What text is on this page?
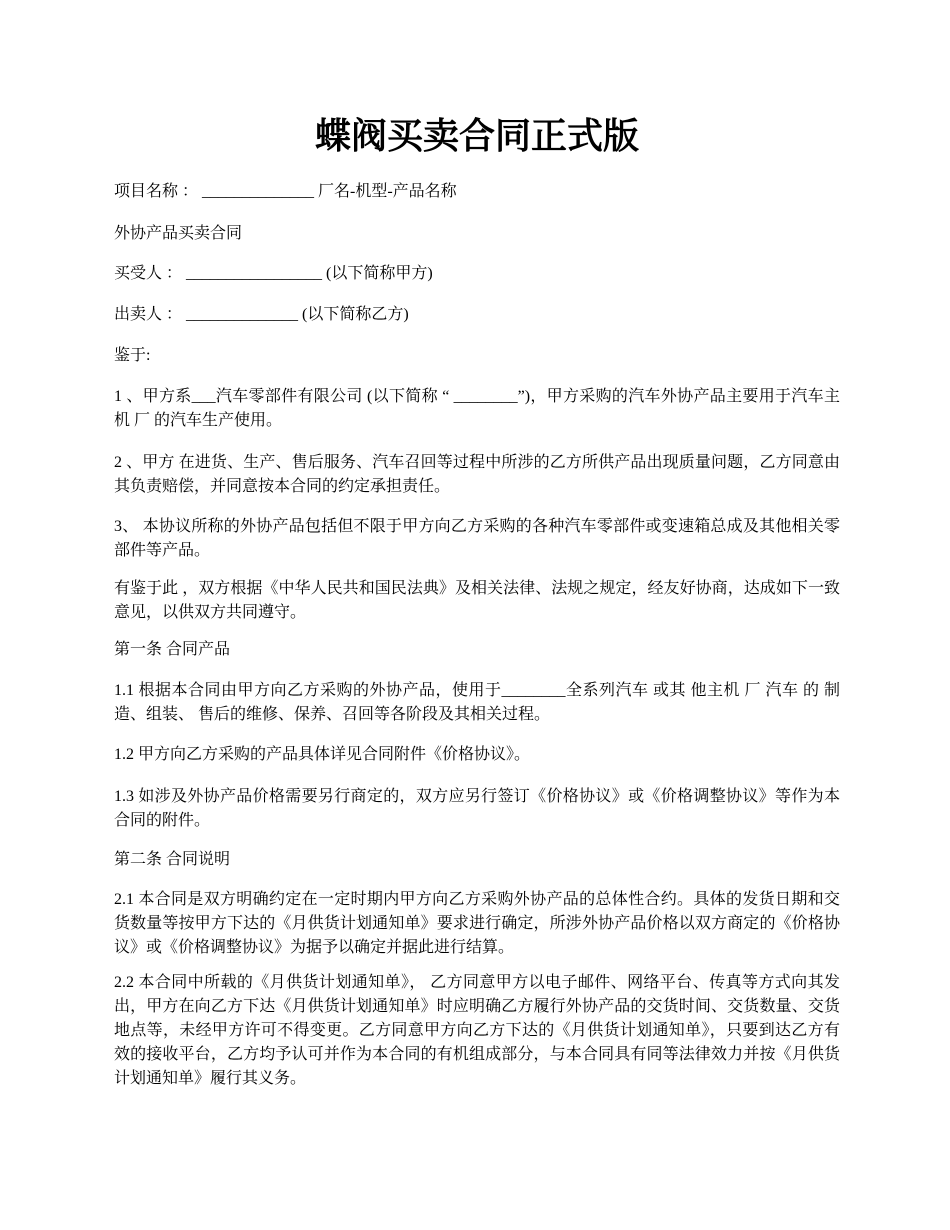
蝶阀买卖合同正式版

项目名称 ： ______________ 厂名-机型-产品名称

外协产品买卖合同

买受人 ： _________________ (以下简称甲方)

出卖人 ： ______________ (以下简称乙方)

鉴于:

1 、甲方系___汽车零部件有限公司 (以下简称 “ ________”)，甲方采购的汽车外协产品主要用于汽车主机 厂 的汽车生产使用。

2 、甲方 在进货、生产、售后服务、汽车召回等过程中所涉的乙方所供产品出现质量问题，乙方同意由其负责赔偿，并同意按本合同的约定承担责任。

3、 本协议所称的外协产品包括但不限于甲方向乙方采购的各种汽车零部件或变速箱总成及其他相关零部件等产品。

有鉴于此 ，双方根据《中华人民共和国民法典》及相关法律、法规之规定，经友好协商，达成如下一致意见，以供双方共同遵守。

第一条 合同产品

1.1 根据本合同由甲方向乙方采购的外协产品，使用于________全系列汽车 或其 他主机 厂 汽车 的 制造、组装、 售后的维修、保养、召回等各阶段及其相关过程。

1.2 甲方向乙方采购的产品具体详见合同附件《价格协议》。

1.3 如涉及外协产品价格需要另行商定的，双方应另行签订《价格协议》或《价格调整协议》等作为本合同的附件。

第二条 合同说明

2.1 本合同是双方明确约定在一定时期内甲方向乙方采购外协产品的总体性合约。具体的发货日期和交货数量等按甲方下达的《月供货计划通知单》要求进行确定，所涉外协产品价格以双方商定的《价格协议》或《价格调整协议》为据予以确定并据此进行结算。

2.2 本合同中所载的《月供货计划通知单》， 乙方同意甲方以电子邮件、网络平台、传真等方式向其发出，甲方在向乙方下达《月供货计划通知单》时应明确乙方履行外协产品的交货时间、交货数量、交货地点等，未经甲方许可不得变更。乙方同意甲方向乙方下达的《月供货计划通知单》，只要到达乙方有效的接收平台，乙方均予认可并作为本合同的有机组成部分，与本合同具有同等法律效力并按《月供货计划通知单》履行其义务。
